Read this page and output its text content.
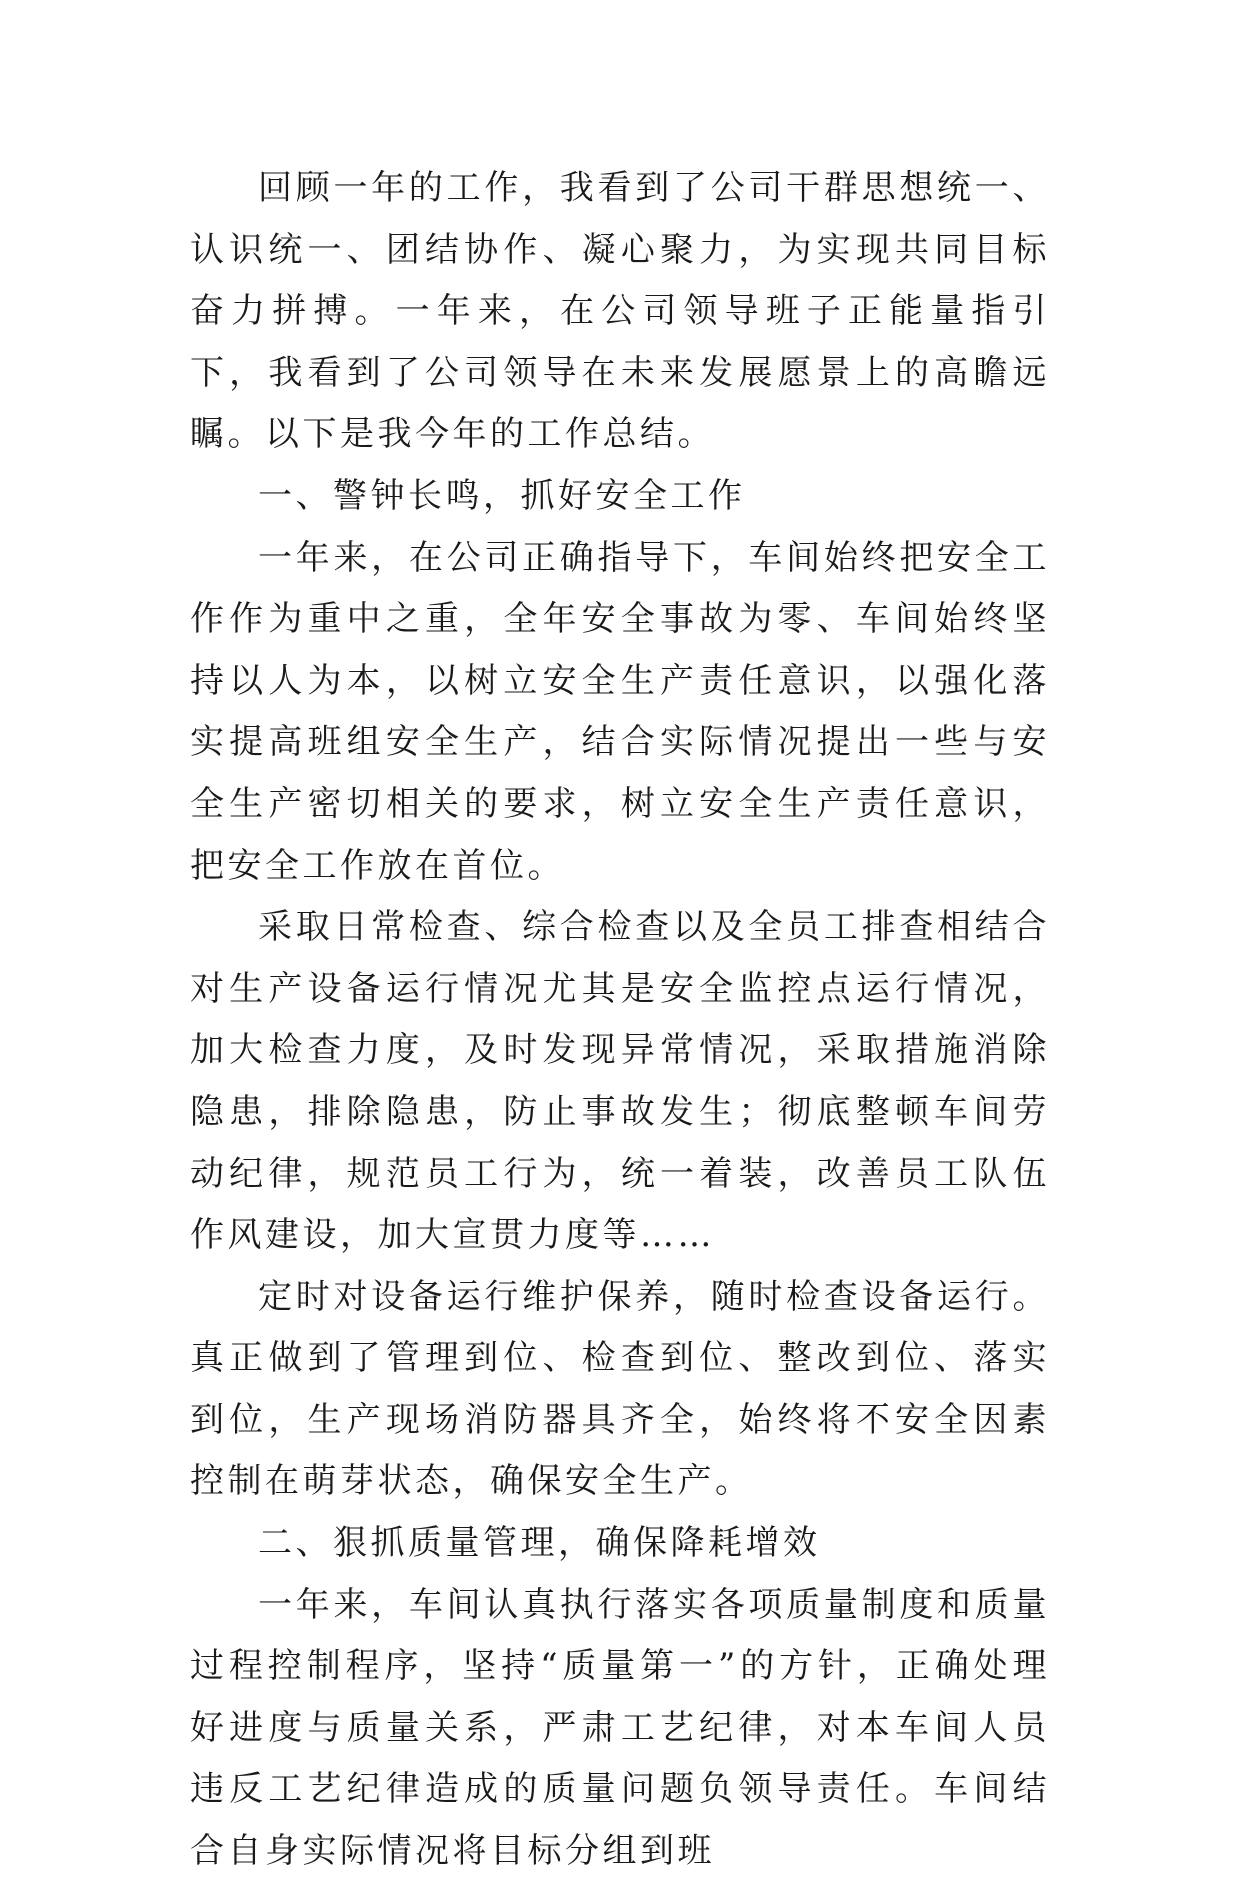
回顾一年的工作，我看到了公司干群思想统一、认识统一、团结协作、凝心聚力，为实现共同目标奋力拼搏。一年来，在公司领导班子正能量指引下，我看到了公司领导在未来发展愿景上的高瞻远瞩。以下是我今年的工作总结。

一、警钟长鸣，抓好安全工作

一年来，在公司正确指导下，车间始终把安全工作作为重中之重，全年安全事故为零、车间始终坚持以人为本，以树立安全生产责任意识，以强化落实提高班组安全生产，结合实际情况提出一些与安全生产密切相关的要求，树立安全生产责任意识，把安全工作放在首位。

采取日常检查、综合检查以及全员工排查相结合对生产设备运行情况尤其是安全监控点运行情况，加大检查力度，及时发现异常情况，采取措施消除隐患，排除隐患，防止事故发生；彻底整顿车间劳动纪律，规范员工行为，统一着装，改善员工队伍作风建设，加大宣贯力度等……

定时对设备运行维护保养，随时检查设备运行。真正做到了管理到位、检查到位、整改到位、落实到位，生产现场消防器具齐全，始终将不安全因素控制在萌芽状态，确保安全生产。

二、狠抓质量管理，确保降耗增效

一年来，车间认真执行落实各项质量制度和质量过程控制程序，坚持“质量第一”的方针，正确处理好进度与质量关系，严肃工艺纪律，对本车间人员违反工艺纪律造成的质量问题负领导责任。车间结合自身实际情况将目标分组到班
